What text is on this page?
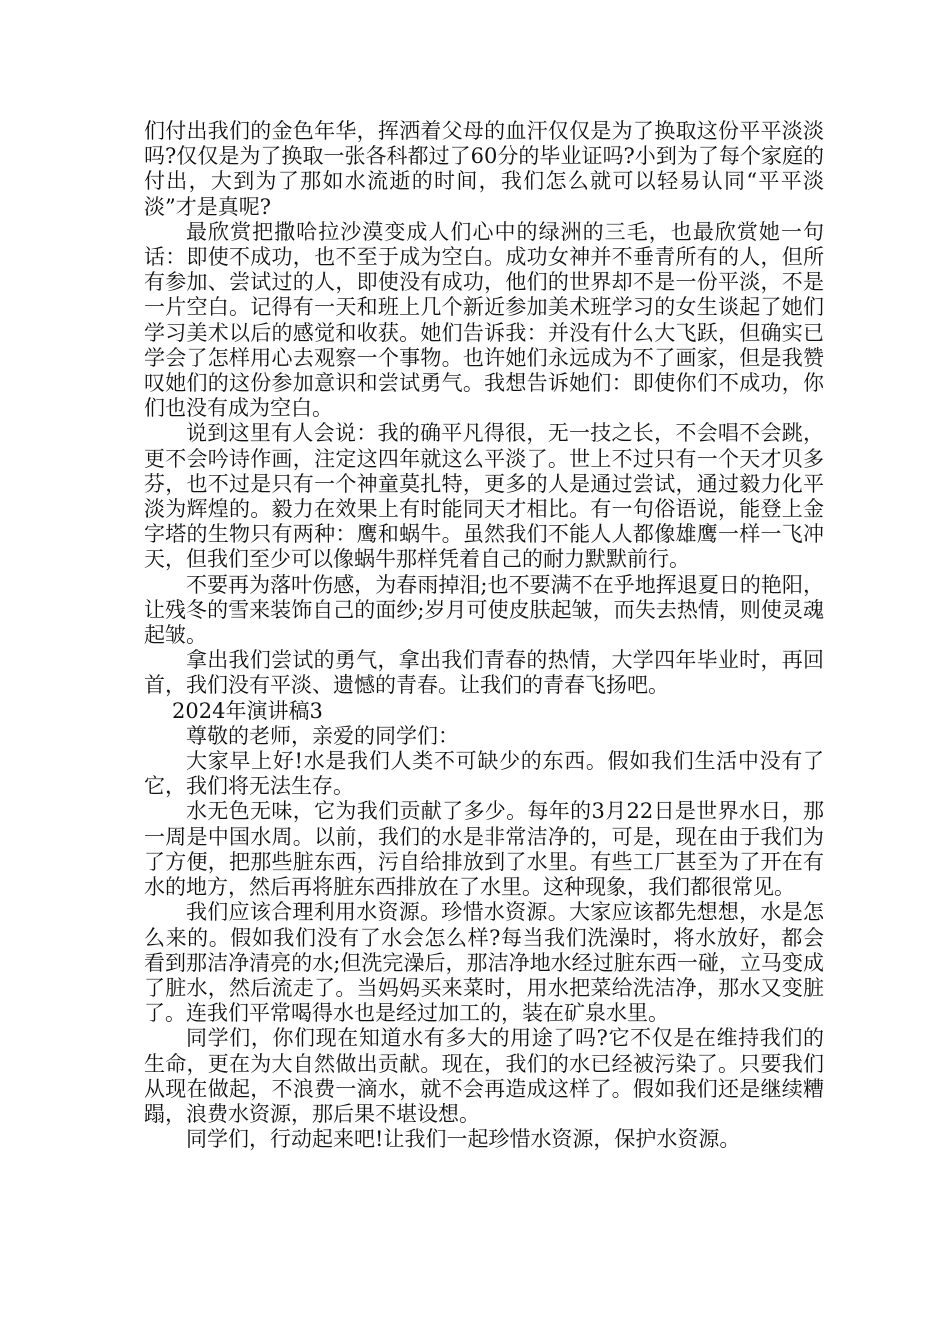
们付出我们的金色年华，挥洒着父母的血汗仅仅是为了换取这份平平淡淡吗?仅仅是为了换取一张各科都过了60分的毕业证吗?小到为了每个家庭的付出，大到为了那如水流逝的时间，我们怎么就可以轻易认同“平平淡淡”才是真呢?

最欣赏把撒哈拉沙漠变成人们心中的绿洲的三毛，也最欣赏她一句话：即使不成功，也不至于成为空白。成功女神并不垂青所有的人，但所有参加、尝试过的人，即使没有成功，他们的世界却不是一份平淡，不是一片空白。记得有一天和班上几个新近参加美术班学习的女生谈起了她们学习美术以后的感觉和收获。她们告诉我：并没有什么大飞跃，但确实已学会了怎样用心去观察一个事物。也许她们永远成为不了画家，但是我赞叹她们的这份参加意识和尝试勇气。我想告诉她们：即使你们不成功，你们也没有成为空白。

说到这里有人会说：我的确平凡得很，无一技之长，不会唱不会跳，更不会吟诗作画，注定这四年就这么平淡了。世上不过只有一个天才贝多芬，也不过是只有一个神童莫扎特，更多的人是通过尝试，通过毅力化平淡为辉煌的。毅力在效果上有时能同天才相比。有一句俗语说，能登上金字塔的生物只有两种：鹰和蜗牛。虽然我们不能人人都像雄鹰一样一飞冲天，但我们至少可以像蜗牛那样凭着自己的耐力默默前行。

不要再为落叶伤感，为春雨掉泪;也不要满不在乎地挥退夏日的艳阳，让残冬的雪来装饰自己的面纱;岁月可使皮肤起皱，而失去热情，则使灵魂起皱。

拿出我们尝试的勇气，拿出我们青春的热情，大学四年毕业时，再回首，我们没有平淡、遗憾的青春。让我们的青春飞扬吧。

2024年演讲稿3

尊敬的老师，亲爱的同学们：

大家早上好!水是我们人类不可缺少的东西。假如我们生活中没有了它，我们将无法生存。

水无色无味，它为我们贡献了多少。每年的3月22日是世界水日，那一周是中国水周。以前，我们的水是非常洁净的，可是，现在由于我们为了方便，把那些脏东西，污自给排放到了水里。有些工厂甚至为了开在有水的地方，然后再将脏东西排放在了水里。这种现象，我们都很常见。

我们应该合理利用水资源。珍惜水资源。大家应该都先想想，水是怎么来的。假如我们没有了水会怎么样?每当我们洗澡时，将水放好，都会看到那洁净清亮的水;但洗完澡后，那洁净地水经过脏东西一碰，立马变成了脏水，然后流走了。当妈妈买来菜时，用水把菜给洗洁净，那水又变脏了。连我们平常喝得水也是经过加工的，装在矿泉水里。

同学们，你们现在知道水有多大的用途了吗?它不仅是在维持我们的生命，更在为大自然做出贡献。现在，我们的水已经被污染了。只要我们从现在做起，不浪费一滴水，就不会再造成这样了。假如我们还是继续糟蹋，浪费水资源，那后果不堪设想。

同学们，行动起来吧!让我们一起珍惜水资源，保护水资源。
